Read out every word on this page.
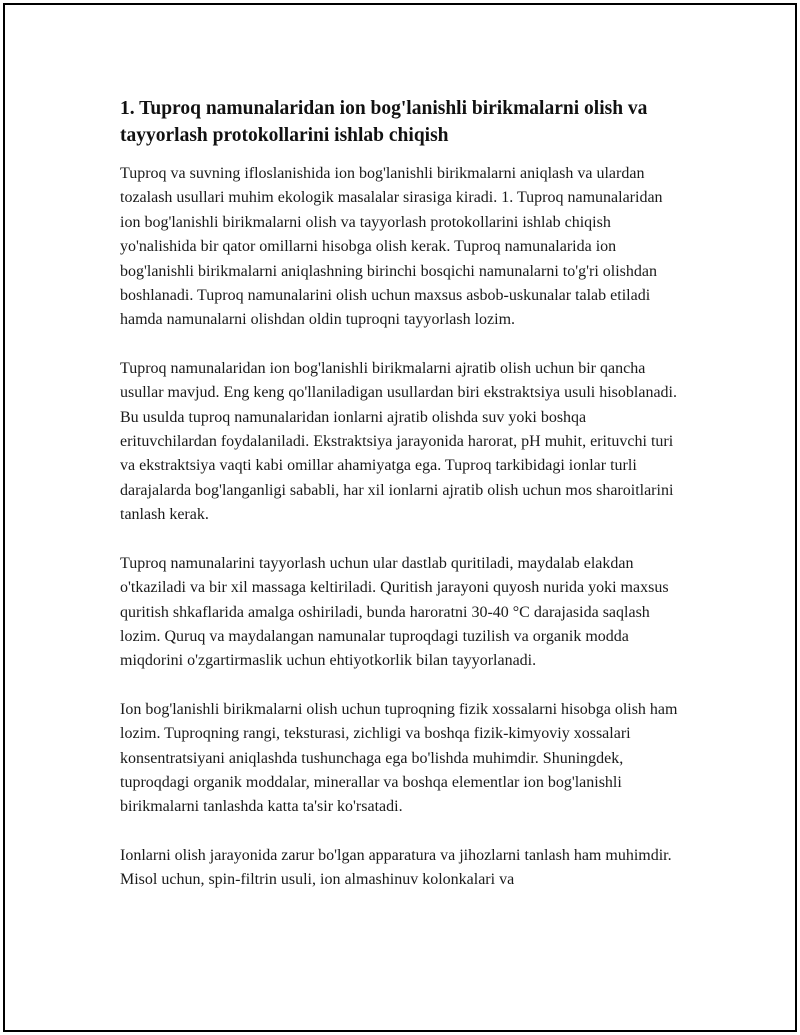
1. Tuproq namunalaridan ion bog'lanishli birikmalarni olish va tayyorlash protokollarini ishlab chiqish

Tuproq va suvning ifloslanishida ion bog'lanishli birikmalarni aniqlash va ulardan tozalash usullari muhim ekologik masalalar sirasiga kiradi. 1. Tuproq namunalaridan ion bog'lanishli birikmalarni olish va tayyorlash protokollarini ishlab chiqish yo'nalishida bir qator omillarni hisobga olish kerak. Tuproq namunalarida ion bog'lanishli birikmalarni aniqlashning birinchi bosqichi namunalarni to'g'ri olishdan boshlanadi. Tuproq namunalarini olish uchun maxsus asbob-uskunalar talab etiladi hamda namunalarni olishdan oldin tuproqni tayyorlash lozim.

Tuproq namunalaridan ion bog'lanishli birikmalarni ajratib olish uchun bir qancha usullar mavjud. Eng keng qo'llaniladigan usullardan biri ekstraktsiya usuli hisoblanadi. Bu usulda tuproq namunalaridan ionlarni ajratib olishda suv yoki boshqa erituvchilardan foydalaniladi. Ekstraktsiya jarayonida harorat, pH muhit, erituvchi turi va ekstraktsiya vaqti kabi omillar ahamiyatga ega. Tuproq tarkibidagi ionlar turli darajalarda bog'langanligi sababli, har xil ionlarni ajratib olish uchun mos sharoitlarini tanlash kerak.

Tuproq namunalarini tayyorlash uchun ular dastlab quritiladi, maydalab elakdan o'tkaziladi va bir xil massaga keltiriladi. Quritish jarayoni quyosh nurida yoki maxsus quritish shkaflarida amalga oshiriladi, bunda haroratni 30-40 °C darajasida saqlash lozim. Quruq va maydalangan namunalar tuproqdagi tuzilish va organik modda miqdorini o'zgartirmaslik uchun ehtiyotkorlik bilan tayyorlanadi.

Ion bog'lanishli birikmalarni olish uchun tuproqning fizik xossalarni hisobga olish ham lozim. Tuproqning rangi, teksturasi, zichligi va boshqa fizik-kimyoviy xossalari konsentratsiyani aniqlashda tushunchaga ega bo'lishda muhimdir. Shuningdek, tuproqdagi organik moddalar, minerallar va boshqa elementlar ion bog'lanishli birikmalarni tanlashda katta ta'sir ko'rsatadi.

Ionlarni olish jarayonida zarur bo'lgan apparatura va jihozlarni tanlash ham muhimdir. Misol uchun, spin-filtrin usuli, ion almashinuv kolonkalari va
